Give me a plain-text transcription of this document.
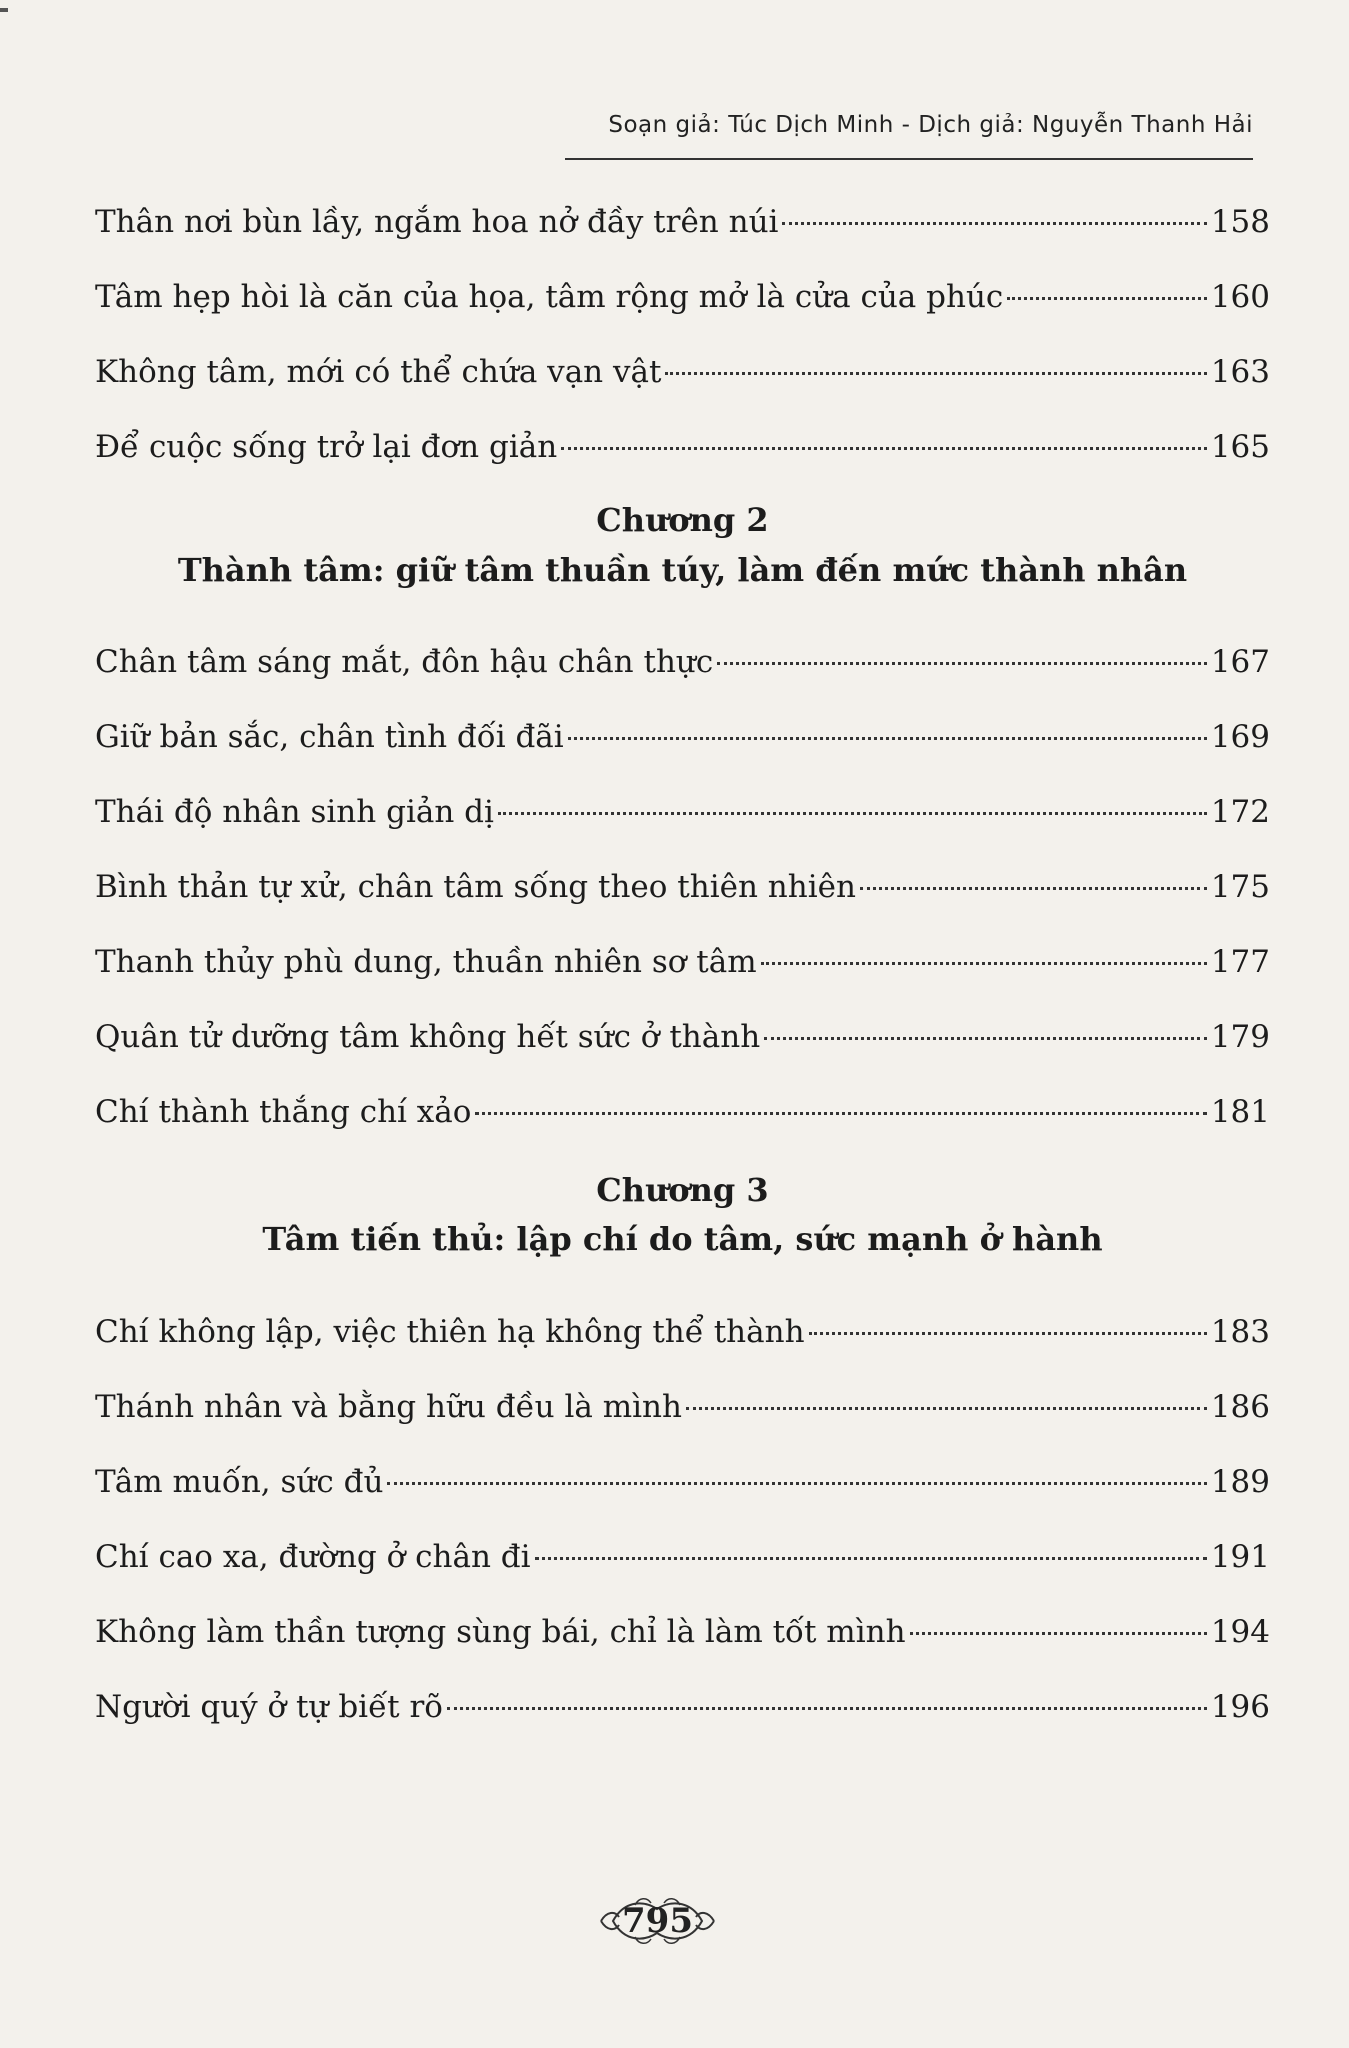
Soạn giả: Túc Dịch Minh - Dịch giả: Nguyễn Thanh Hải
Thân nơi bùn lầy, ngắm hoa nở đầy trên núi	158
Tâm hẹp hòi là căn của họa, tâm rộng mở là cửa của phúc	160
Không tâm, mới có thể chứa vạn vật	163
Để cuộc sống trở lại đơn giản	165
Chương 2
Thành tâm: giữ tâm thuần túy, làm đến mức thành nhân
Chân tâm sáng mắt, đôn hậu chân thực	167
Giữ bản sắc, chân tình đối đãi	169
Thái độ nhân sinh giản dị	172
Bình thản tự xử, chân tâm sống theo thiên nhiên	175
Thanh thủy phù dung, thuần nhiên sơ tâm	177
Quân tử dưỡng tâm không hết sức ở thành	179
Chí thành thắng chí xảo	181
Chương 3
Tâm tiến thủ: lập chí do tâm, sức mạnh ở hành
Chí không lập, việc thiên hạ không thể thành	183
Thánh nhân và bằng hữu đều là mình	186
Tâm muốn, sức đủ	189
Chí cao xa, đường ở chân đi	191
Không làm thần tượng sùng bái, chỉ là làm tốt mình	194
Người quý ở tự biết rõ	196
795
